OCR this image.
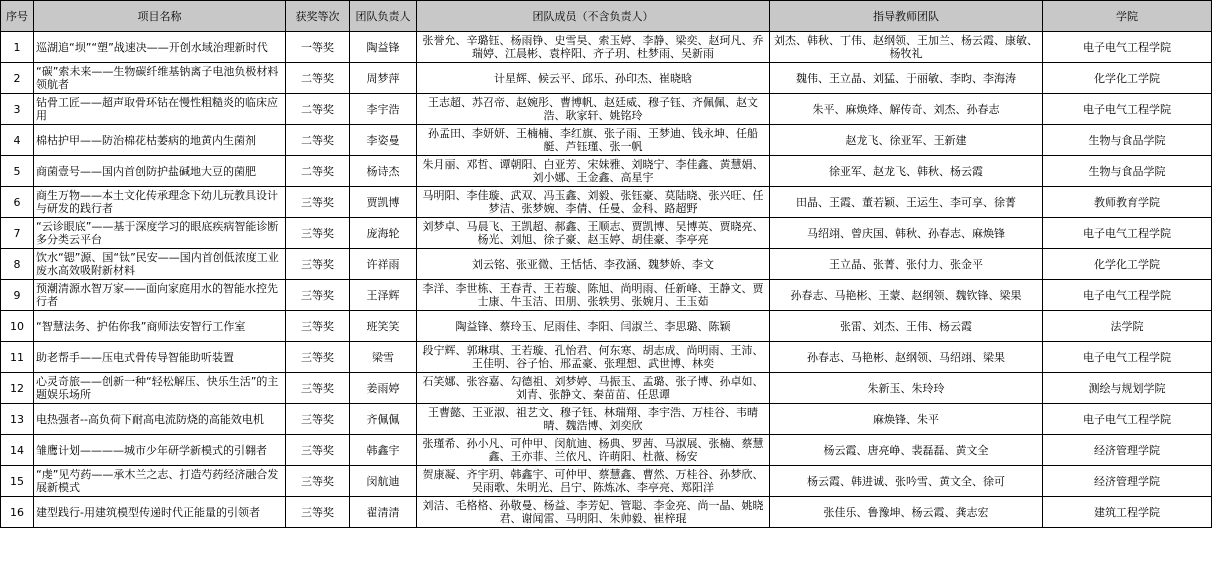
序号	项目名称	获奖等次	团队负责人	团队成员（不含负责人）	指导教师团队	学院
1	巡湖追“坝”“塑”战速决——开创水域治理新时代	一等奖	陶益锋	张誉允、辛璐钰、杨雨铮、史雪昊、索玉婷、李静、梁奕、赵珂凡、乔瑞婷、江晨彬、袁梓阳、齐子玥、杜梦雨、吴新雨	刘杰、韩秋、丁伟、赵纲领、王加兰、杨云霞、康敏、杨牧礼	电子电气工程学院
2	“碳”索未来——生物碳纤维基钠离子电池负极材料领航者	二等奖	周梦萍	计星辉、候云平、邱乐、孙印杰、崔晓晗	魏伟、王立晶、刘猛、于丽敏、李昀、李海涛	化学化工学院
3	钻骨工匠——超声取骨环钻在慢性粗糙炎的临床应用	二等奖	李宇浩	王志超、苏召帝、赵婉彤、曹博帆、赵廷威、穆子钰、齐佩佩、赵文浩、耿家轩、姚铭玲	朱平、麻焕烽、解传奇、刘杰、孙春志	电子电气工程学院
4	棉枯护甲——防治棉花枯萎病的地黄内生菌剂	二等奖	李姿曼	孙孟田、李妍妍、王楠楠、李红旗、张子雨、王梦迪、钱永坤、任船艇、芦钰瑾、张一帆	赵龙飞、徐亚军、王新建	生物与食品学院
5	商菌壹号——国内首创防护盐碱地大豆的菌肥	二等奖	杨诗杰	朱月丽、邓哲、谭朝阳、白亚芳、宋妹雅、刘晓宁、李佳鑫、黄慧娟、刘小娜、王金鑫、高星宇	徐亚军、赵龙飞、韩秋、杨云霞	生物与食品学院
6	商生万物——本土文化传承理念下幼儿玩教具设计与研发的践行者	三等奖	贾凯博	马明阳、李佳璇、武双、冯玉鑫、刘毅、张钰豪、莫陆晓、张兴旺、任梦洁、张梦婉、李倩、任曼、金科、路超野	田晶、王霞、董若颖、王运生、李可享、徐菁	教师教育学院
7	“云诊眼底”——基于深度学习的眼底疾病智能诊断多分类云平台	三等奖	庞海轮	刘梦卓、马晨飞、王凯超、郝鑫、王顺志、贾凯博、吴博英、贾晓亮、杨光、刘旭、徐子豪、赵玉婷、胡佳豪、李亭亮	马绍翊、曾庆国、韩秋、孙春志、麻焕锋	电子电气工程学院
8	饮水“锶”源、国“钛”民安——国内首创低浓度工业废水高效吸附新材料	三等奖	许祥雨	刘云铭、张亚微、王恬恬、李孜涵、魏梦娇、李文	王立晶、张菁、张付力、张金平	化学化工学院
9	预潮清源水智万家——面向家庭用水的智能水控先行者	三等奖	王泽辉	李洋、李世栋、王春青、王若璇、陈旭、尚明雨、任新峰、王静文、贾士康、牛玉洁、田朋、张轶男、张婉月、王玉茹	孙春志、马艳彬、王蒙、赵纲领、魏钦锋、梁果	电子电气工程学院
10	“智慧法务、护佑你我”商师法安智行工作室	三等奖	班笑笑	陶益锋、蔡玲玉、尼雨佳、李阳、闫淑兰、李思璐、陈颖	张雷、刘杰、王伟、杨云霞	法学院
11	助老帮手——压电式骨传导智能助听装置	三等奖	梁雪	段宁辉、郭琳琪、王若璇、孔怡君、何东寒、胡志成、尚明雨、王沛、王佳明、谷子怡、邢孟豪、张理想、武世博、林奕	孙春志、马艳彬、赵纲领、马绍翊、梁果	电子电气工程学院
12	心灵奇旅——创新一种“轻松解压、快乐生活”的主题娱乐场所	三等奖	姜雨婷	石笑娜、张容嘉、勾德祖、刘梦婷、马振玉、孟璐、张子博、孙卓如、刘青、张静文、秦苗苗、任思谭	朱新玉、朱玲玲	测绘与规划学院
13	电热强者--高负荷下耐高电流防烧的高能效电机	三等奖	齐佩佩	王曹懿、王亚淑、祖艺文、穆子钰、林瑞翔、李宇浩、万桂谷、韦晴晴、魏浩博、刘奕欣	麻焕锋、朱平	电子电气工程学院
14	雏鹰计划————城市少年研学新模式的引翱者	三等奖	韩鑫宇	张瑾希、孙小凡、可仲甲、闵航迪、杨典、罗茜、马淑展、张楠、蔡慧鑫、王亦菲、兰依凡、许萌阳、杜薇、杨安	杨云霞、唐亮峥、裴磊磊、黄文全	经济管理学院
15	“虔”见芍药——承木兰之志、打造芍药经济融合发展新模式	三等奖	闵航迪	贺康凝、齐宇玥、韩鑫宇、可仲甲、蔡慧鑫、曹然、万桂谷、孙梦欣、吴雨歌、朱明光、吕宁、陈炼冰、李亭亮、郑阳洋	杨云霞、韩进诚、张吟雪、黄文全、徐可	经济管理学院
16	建型践行-用建筑模型传递时代正能量的引领者	三等奖	翟清清	刘洁、毛格格、孙敬曼、杨益、李芳妃、管聪、李金亮、尚一晶、姚晓君、谢闻雷、马明阳、朱帅毅、崔梓琨	张佳乐、鲁豫坤、杨云霞、龚志宏	建筑工程学院
